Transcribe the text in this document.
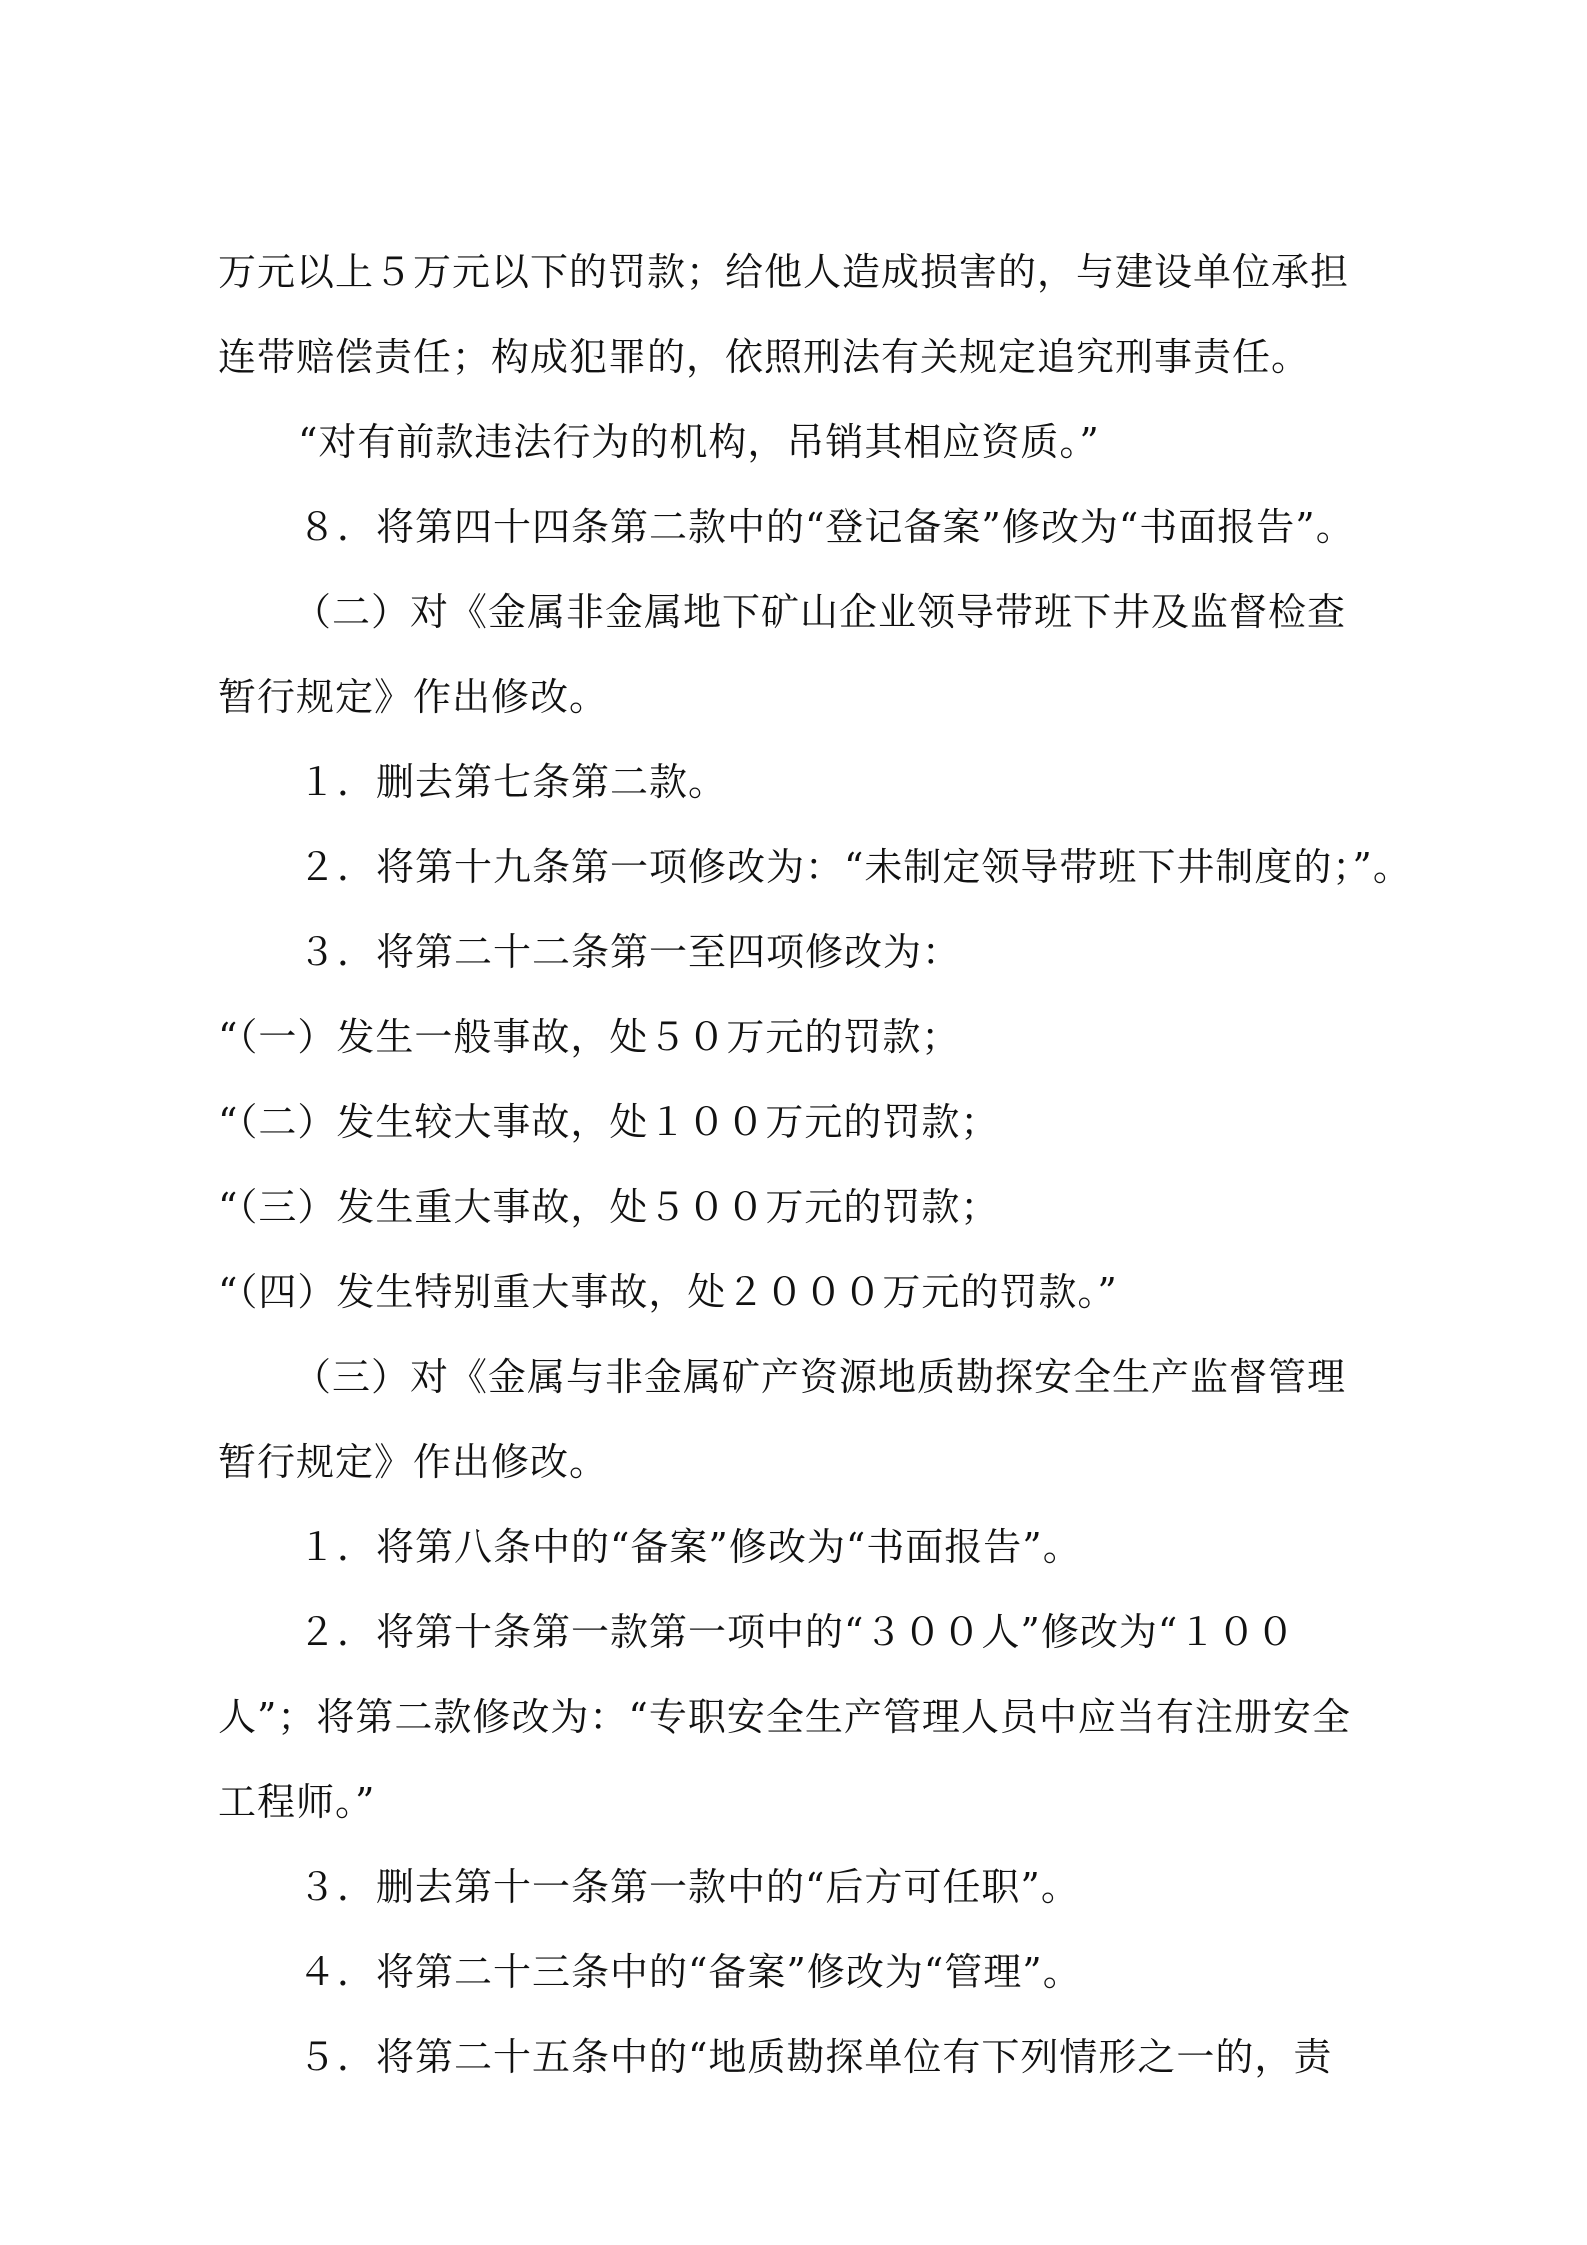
万元以上５万元以下的罚款；给他人造成损害的，与建设单位承担
连带赔偿责任；构成犯罪的，依照刑法有关规定追究刑事责任。
“对有前款违法行为的机构，吊销其相应资质。”
８．将第四十四条第二款中的“登记备案”修改为“书面报告”。
（二）对《金属非金属地下矿山企业领导带班下井及监督检查
暂行规定》作出修改。
１．删去第七条第二款。
２．将第十九条第一项修改为：“未制定领导带班下井制度的；”。
３．将第二十二条第一至四项修改为：
“（一）发生一般事故，处５０万元的罚款；
“（二）发生较大事故，处１００万元的罚款；
“（三）发生重大事故，处５００万元的罚款；
“（四）发生特别重大事故，处２０００万元的罚款。”
（三）对《金属与非金属矿产资源地质勘探安全生产监督管理
暂行规定》作出修改。
１．将第八条中的“备案”修改为“书面报告”。
２．将第十条第一款第一项中的“３００人”修改为“１００
人”；将第二款修改为：“专职安全生产管理人员中应当有注册安全
工程师。”
３．删去第十一条第一款中的“后方可任职”。
４．将第二十三条中的“备案”修改为“管理”。
５．将第二十五条中的“地质勘探单位有下列情形之一的，责
